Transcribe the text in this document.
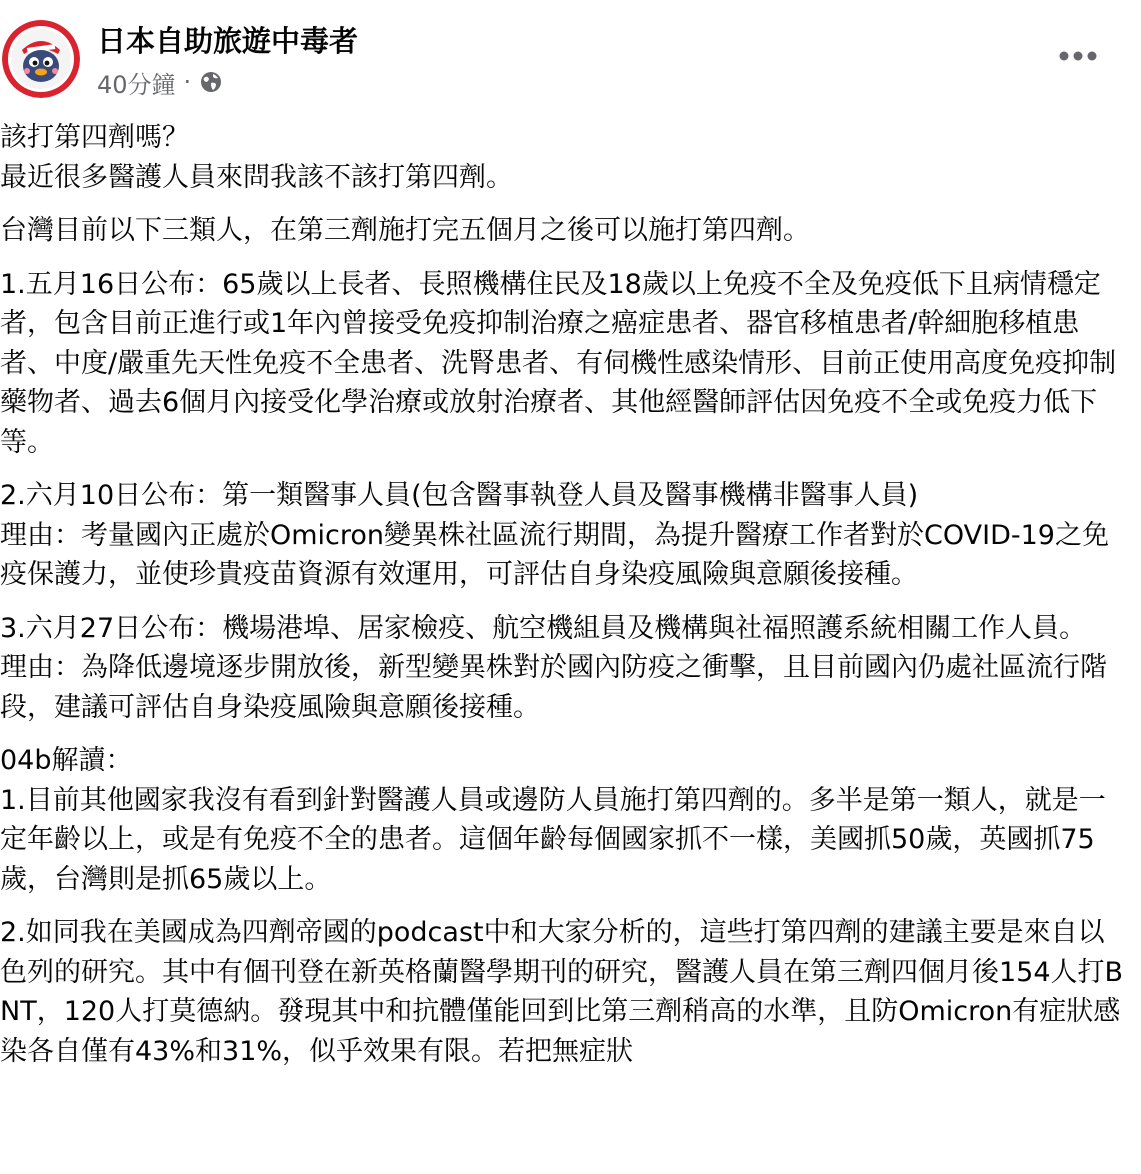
日本自助旅遊中毒者
40分鐘 ·

該打第四劑嗎？
最近很多醫護人員來問我該不該打第四劑。

台灣目前以下三類人，在第三劑施打完五個月之後可以施打第四劑。

1.五月16日公布：65歲以上長者、長照機構住民及18歲以上免疫不全及免疫低下且病情穩定者，包含目前正進行或1年內曾接受免疫抑制治療之癌症患者、器官移植患者/幹細胞移植患者、中度/嚴重先天性免疫不全患者、洗腎患者、有伺機性感染情形、目前正使用高度免疫抑制藥物者、過去6個月內接受化學治療或放射治療者、其他經醫師評估因免疫不全或免疫力低下等。

2.六月10日公布：第一類醫事人員(包含醫事執登人員及醫事機構非醫事人員)
理由：考量國內正處於Omicron變異株社區流行期間，為提升醫療工作者對於COVID-19之免疫保護力，並使珍貴疫苗資源有效運用，可評估自身染疫風險與意願後接種。

3.六月27日公布：機場港埠、居家檢疫、航空機組員及機構與社福照護系統相關工作人員。
理由：為降低邊境逐步開放後，新型變異株對於國內防疫之衝擊，且目前國內仍處社區流行階段，建議可評估自身染疫風險與意願後接種。

04b解讀：
1.目前其他國家我沒有看到針對醫護人員或邊防人員施打第四劑的。多半是第一類人，就是一定年齡以上，或是有免疫不全的患者。這個年齡每個國家抓不一樣，美國抓50歲，英國抓75歲，台灣則是抓65歲以上。

2.如同我在美國成為四劑帝國的podcast中和大家分析的，這些打第四劑的建議主要是來自以色列的研究。其中有個刊登在新英格蘭醫學期刊的研究，醫護人員在第三劑四個月後154人打BNT，120人打莫德納。發現其中和抗體僅能回到比第三劑稍高的水準，且防Omicron有症狀感染各自僅有43%和31%，似乎效果有限。若把無症狀
